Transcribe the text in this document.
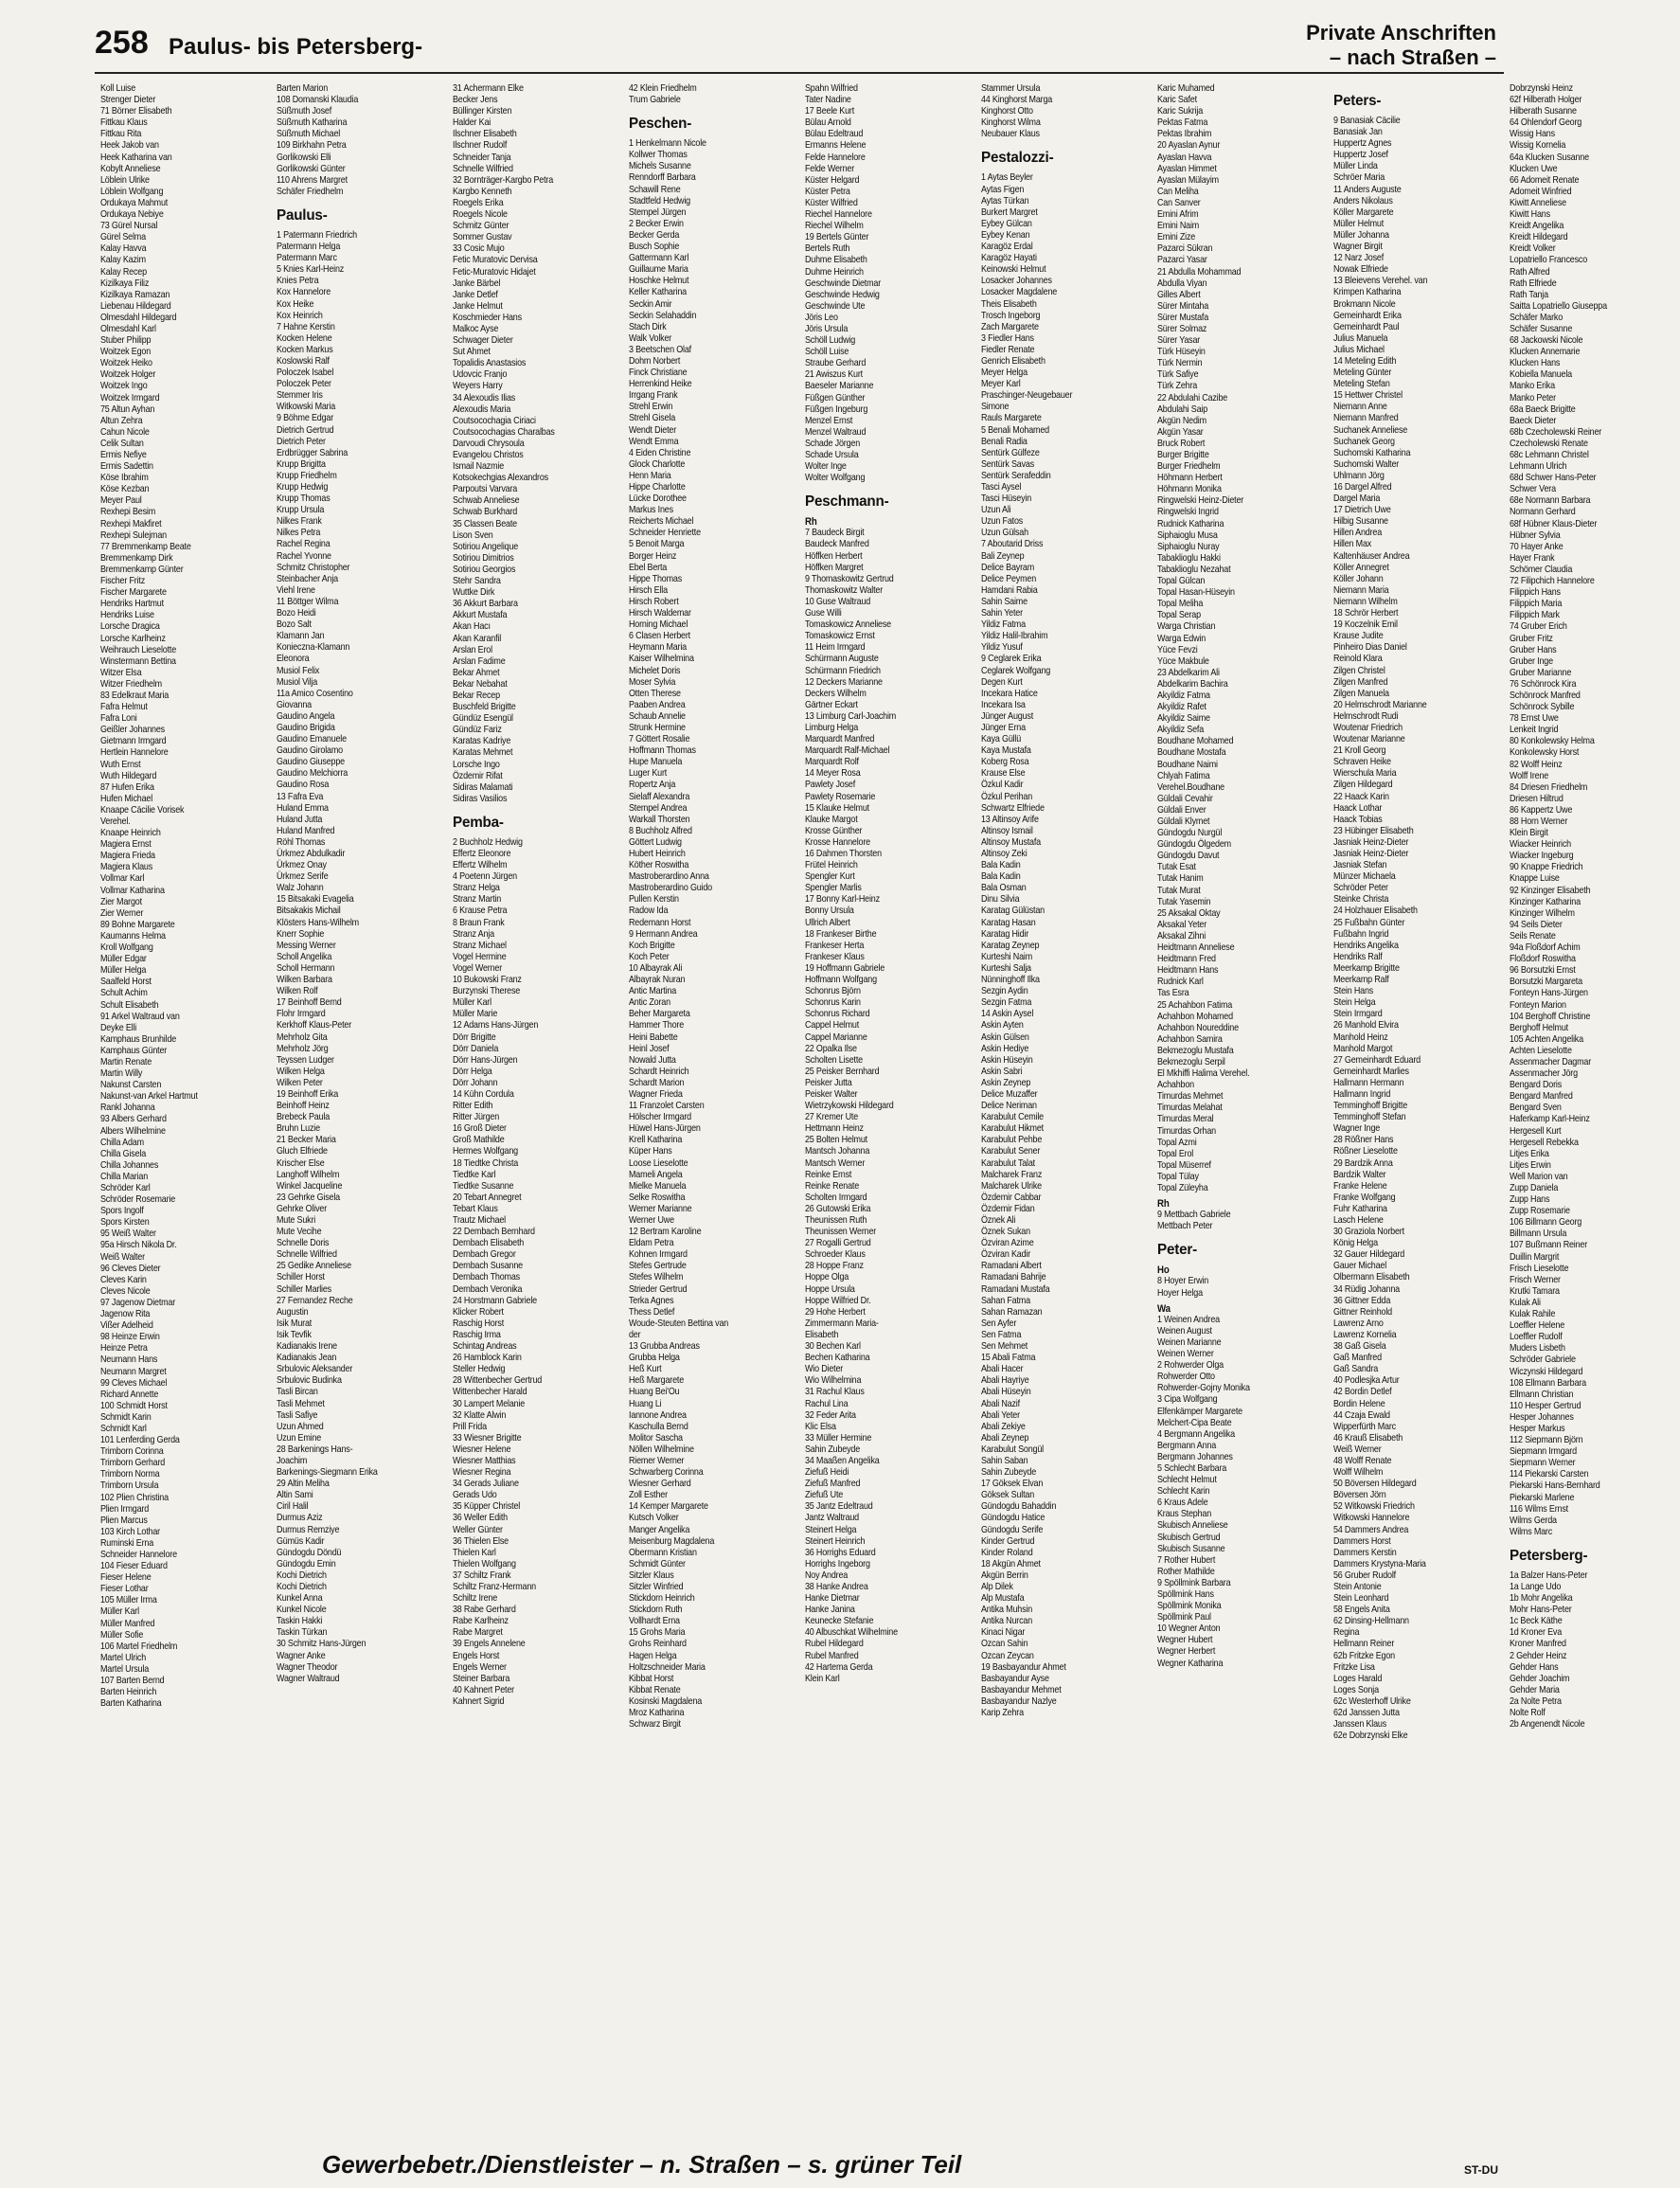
258 Paulus- bis Petersberg-
Private Anschriften
– nach Straßen –
Koll Luise
Strenger Dieter
71 Börner Elisabeth
Fittkau Klaus
Fittkau Rita
Heek Jakob van
Heek Katharina van
Kobylt Anneliese
Löblein Ulrike
Löblein Wolfgang
Ordukaya Mahmut
Ordukaya Nebiye
73 Gürel Nursal
Gürel Selma
Kalay Havva
Kalay Kazim
Kalay Recep
Kizilkaya Filiz
Kizilkaya Ramazan
Liebenau Hildegard
Olmesdahl Hildegard
Olmesdahl Karl
Stuber Philipp
Woitzek Egon
Woitzek Heiko
Woitzek Holger
Woitzek Ingo
Woitzek Irmgard
75 Altun Ayhan
Altun Zehra
Cahun Nicole
Celik Sultan
Ermis Nefiye
Ermis Sadettin
Köse Ibrahim
Köse Kezban
Meyer Paul
Rexhepi Besim
Rexhepi Makfiret
Rexhepi Sulejman
77 Bremmenkamp Beate
Bremmenkamp Dirk
Bremmenkamp Günter
Fischer Fritz
Fischer Margarete
Hendriks Hartmut
Hendriks Luise
Lorsche Dragica
Lorsche Karlheinz
Weihrauch Lieselotte
Winstermann Bettina
Witzer Elsa
Witzer Friedhelm
83 Edelkraut Maria
Fafra Helmut
Fafra Loni
Geißler Johannes
Gietmann Irmgard
Hertlein Hannelore
Wuth Ernst
Wuth Hildegard
87 Hufen Erika
Hufen Michael
Knaape Cäcilie Vorisek
Verehel.
Knaape Heinrich
Magiera Ernst
Magiera Frieda
Magiera Klaus
Vollmar Karl
Vollmar Katharina
Zier Margot
Zier Werner
89 Bohne Margarete
Kaumanns Helma
Kroll Wolfgang
Müller Edgar
Müller Helga
Saalfeld Horst
Schult Achim
Schult Elisabeth
91 Arkel Waltraud van
Deyke Elli
Kamphaus Brunhilde
Kamphaus Günter
Martin Renate
Martin Willy
Nakunst Carsten
Nakunst-van Arkel Hartmut
Rankl Johanna
93 Albers Gerhard
Albers Wilhelmine
Chilla Adam
Chilla Gisela
Chilla Johannes
Chilla Marian
Schröder Karl
Schröder Rosemarie
Spors Ingolf
Spors Kirsten
95 Weiß Walter
95a Hirsch Nikola Dr.
Weiß Walter
96 Cleves Dieter
Cleves Karin
Cleves Nicole
97 Jagenow Dietmar
Jagenow Rita
Vißer Adelheid
98 Heinze Erwin
Heinze Petra
Neumann Hans
Neumann Margret
99 Cleves Michael
Richard Annette
100 Schmidt Horst
Schmidt Karin
Schmidt Karl
101 Lenferding Gerda
Trimborn Corinna
Trimborn Gerhard
Trimborn Norma
Trimborn Ursula
102 Plien Christina
Plien Irmgard
Plien Marcus
103 Kirch Lothar
Ruminski Erna
Schneider Hannelore
104 Fieser Eduard
Fieser Helene
Fieser Lothar
105 Müller Irma
Müller Karl
Müller Manfred
Müller Sofie
106 Martel Friedhelm
Martel Ulrich
Martel Ursula
107 Barten Bernd
Barten Heinrich
Barten Katharina
Barten Marion
108 Domanski Klaudia
Süßmuth Josef
Süßmuth Katharina
Süßmuth Michael
109 Birkhahn Petra
Gorlikowski Elli
Gorlikowski Günter
110 Ahrens Margret
Schäfer Friedhelm
Paulus-
1 Patermann Friedrich
Patermann Helga
Patermann Marc
5 Knies Karl-Heinz
Knies Petra
Kox Hannelore
Kox Heike
Kox Heinrich
7 Hahne Kerstin
Kocken Helene
Kocken Markus
Koslowski Ralf
Poloczek Isabel
Poloczek Peter
Stemmer Iris
Witkowski Maria
9 Böhme Edgar
Dietrich Gertrud
Dietrich Peter
Erdbrügger Sabrina
Krupp Brigitta
Krupp Friedhelm
Krupp Hedwig
Krupp Thomas
Krupp Ursula
Nilkes Frank
Nilkes Petra
Rachel Regina
Rachel Yvonne
Schmitz Christopher
Steinbacher Anja
Viehl Irene
11 Böttger Wilma
Bozo Heidi
Bozo Salt
Klamann Jan
Konieczna-Klamann
Eleonora
Musiol Felix
Musiol Vilja
11a Amico Cosentino
Giovanna
Gaudino Angela
Gaudino Brigida
Gaudino Emanuele
Gaudino Girolamo
Gaudino Giuseppe
Gaudino Melchiorra
Gaudino Rosa
13 Fafra Eva
Huland Emma
Huland Jutta
Huland Manfred
Röhl Thomas
Ürkmez Abdulkadir
Ürkmez Onay
Ürkmez Serife
Walz Johann
15 Bitsakaki Evagelia
Bitsakakis Michail
Klösters Hans-Wilhelm
Knerr Sophie
Messing Werner
Scholl Angelika
Scholl Hermann
Wilken Barbara
Wilken Rolf
17 Beinhoff Bernd
Flohr Irmgard
Kerkhoff Klaus-Peter
Mehrholz Gita
Mehrholz Jörg
Teyssen Ludger
Wilken Helga
Wilken Peter
19 Beinhoff Erika
Beinhoff Heinz
Brebeck Paula
Bruhn Luzie
21 Becker Maria
Gluch Elfriede
Krischer Else
Langhoff Wilhelm
Winkel Jacqueline
23 Gehrke Gisela
Gehrke Oliver
Mute Sukri
Mute Vecihe
Schnelle Doris
Schnelle Wilfried
25 Gedike Anneliese
Schiller Horst
Schiller Marlies
27 Fernandez Reche
Augustin
Isik Murat
Isik Tevfik
Kadianakis Irene
Kadianakis Jean
Srbulovic Aleksander
Srbulovic Budinka
Tasli Bircan
Tasli Mehmet
Tasli Safiye
Uzun Ahmed
Uzun Emine
28 Barkenings Hans-
Joachim
Barkenings-Siegmann Erika
29 Altin Meliha
Altin Sami
Ciril Halil
Durmus Aziz
Durmus Remziye
Gümüs Kadir
Gündogdu Döndü
Gündogdu Emin
Kochi Dietrich
Kochi Dietrich
Kunkel Anna
Kunkel Nicole
Taskin Hakki
Taskin Türkan
30 Schmitz Hans-Jürgen
Wagner Anke
Wagner Theodor
Wagner Waltraud
31 Achermann Elke
Becker Jens
Büllinger Kirsten
Halder Kai
Ilschner Elisabeth
Ilschner Rudolf
Schneider Tanja
Schnelle Wilfried
32 Bornträger-Kargbo Petra
Kargbo Kenneth
Roegels Erika
Roegels Nicole
Schmitz Günter
Sommer Gustav
33 Cosic Mujo
Fetic Muratovic Dervisa
Fetic-Muratovic Hidajet
Janke Bärbel
Janke Detlef
Janke Helmut
Koschmieder Hans
Malkoc Ayse
Schwager Dieter
Sut Ahmet
Topalidis Anastasios
Udovcic Franjo
Weyers Harry
34 Alexoudis Ilias
Alexoudis Maria
Coutsocochagia Ciriaci
Coutsocochagias Charalbas
Darvoudi Chrysoula
Evangelou Christos
Ismail Nazmie
Kotsokechgias Alexandros
Parpoutsi Varvara
Schwab Anneliese
Schwab Burkhard
35 Classen Beate
Lison Sven
Sotiriou Angelique
Sotiriou Dimitrios
Sotiriou Georgios
Stehr Sandra
Wuttke Dirk
36 Akkurt Barbara
Akkurt Mustafa
Akan Hacı
Akan Karanfil
Arslan Erol
Arslan Fadime
Bekar Ahmet
Bekar Nebahat
Bekar Recep
Buschfeld Brigitte
Gündüz Esengül
Gündüz Fariz
Karatas Kadriye
Karatas Mehmet
Lorsche Ingo
Özdemir Rifat
Sidiras Malamati
Sidiras Vasilios
Pemba-
2 Buchholz Hedwig
Effertz Eleonore
Effertz Wilhelm
4 Poetenn Jürgen
Stranz Helga
Stranz Martin
6 Krause Petra
8 Braun Frank
Stranz Anja
Stranz Michael
Vogel Hermine
Vogel Werner
10 Bukowski Franz
Burzynski Therese
Müller Karl
Müller Marie
12 Adams Hans-Jürgen
Dörr Brigitte
Dörr Daniela
Dörr Hans-Jürgen
Dörr Helga
Dörr Johann
14 Kühn Cordula
Ritter Edith
Ritter Jürgen
16 Groß Dieter
Groß Mathilde
Hermes Wolfgang
18 Tiedtke Christa
Tiedtke Karl
Tiedtke Susanne
20 Tebart Annegret
Tebart Klaus
Trautz Michael
22 Dembach Bernhard
Dernbach Elisabeth
Dernbach Gregor
Dernbach Susanne
Dernbach Thomas
Dernbach Veronika
24 Horstmann Gabriele
Klicker Robert
Raschig Horst
Raschig Irma
Schintag Andreas
26 Hamblock Karin
Steller Hedwig
28 Wittenbecher Gertrud
Wittenbecher Harald
30 Lampert Melanie
32 Klatte Alwin
Prill Frida
33 Wiesner Brigitte
Wiesner Helene
Wiesner Matthias
Wiesner Regina
34 Gerads Juliane
Gerads Udo
35 Küpper Christel
36 Weller Edith
Weller Günter
36 Thielen Else
Thielen Karl
Thielen Wolfgang
37 Schiltz Frank
Schiltz Franz-Hermann
Schiltz Irene
38 Rabe Gerhard
Rabe Karlheinz
Rabe Margret
39 Engels Annelene
Engels Horst
Engels Werner
Steiner Barbara
40 Kahnert Peter
Kahnert Sigrid
42 Klein Friedhelm
Trum Gabriele
Peschen-
1 Henkelmann Nicole
Kollwer Thomas
Michels Susanne
Renndorff Barbara
Schawill Rene
Stadtfeld Hedwig
Stempel Jürgen
2 Becker Erwin
Becker Gerda
Busch Sophie
Gattermann Karl
Guillaume Maria
Hoschke Helmut
Keller Katharina
Seckin Amir
Seckin Selahaddin
Stach Dirk
Walk Volker
3 Beetschen Olaf
Dohm Norbert
Finck Christiane
Herrenkind Heike
Irrgang Frank
Strehl Erwin
Strehl Gisela
Wendt Dieter
Wendt Emma
4 Eiden Christine
Glock Charlotte
Henn Maria
Hippe Charlotte
Lücke Dorothee
Markus Ines
Reicherts Michael
Schneider Henriette
5 Benoit Marga
Borger Heinz
Ebel Berta
Hippe Thomas
Hirsch Ella
Hirsch Robert
Hirsch Waldemar
Horning Michael
6 Clasen Herbert
Heymann Maria
Kaiser Wilhelmina
Michelet Doris
Moser Sylvia
Otten Therese
Paaben Andrea
Schaub Annelie
Strunk Hermine
7 Göttert Rosalie
Hoffmann Thomas
Hupe Manuela
Luger Kurt
Ropertz Anja
Sielaff Alexandra
Stempel Andrea
Warkall Thorsten
8 Buchholz Alfred
Göttert Ludwig
Hubert Heinrich
Köther Roswitha
Mastroberardino Anna
Mastroberardino Guido
Pullen Kerstin
Radow Ida
Redemann Horst
9 Hermann Andrea
Koch Brigitte
Koch Peter
10 Albayrak Ali
Albayrak Nuran
Antic Martina
Antic Zoran
Beher Margareta
Hammer Thore
Heini Babette
Heinl Josef
Nowald Jutta
Schardt Heinrich
Schardt Marion
Wagner Frieda
11 Franzolet Carsten
Hölscher Irmgard
Hüwel Hans-Jürgen
Krell Katharina
Küper Hans
Loose Lieselotte
Mameli Angela
Mielke Manuela
Selke Roswitha
Werner Marianne
Werner Uwe
12 Bertram Karoline
Eldam Petra
Kohnen Irmgard
Stefes Gertrude
Stefes Wilhelm
Strieder Gertrud
Terka Agnes
Thess Detlef
Woude-Steuten Bettina van
der
13 Grubba Andreas
Grubba Helga
Heß Kurt
Heß Margarete
Huang Bei'Ou
Huang Li
Iannone Andrea
Kaschulla Bernd
Molitor Sascha
Nöllen Wilhelmine
Riemer Werner
Schwarberg Corinna
Wiesner Gerhard
Zoll Esther
14 Kemper Margarete
Kutsch Volker
Manger Angelika
Meisenburg Magdalena
Obermann Kristian
Schmidt Günter
Sitzler Klaus
Sitzler Winfried
Stickdorn Heinrich
Stickdorn Ruth
Vollhardt Erna
15 Grohs Maria
Grohs Reinhard
Hagen Helga
Holtzschneider Maria
Kibbat Horst
Kibbat Renate
Kosinski Magdalena
Mroz Katharina
Schwarz Birgit
Spahn Wilfried
Tater Nadine
17 Beele Kurt
Bülau Arnold
Bülau Edeltraud
Ermanns Helene
Felde Hannelore
Felde Werner
Küster Helgard
Küster Petra
Küster Wilfried
Riechel Hannelore
Riechel Wilhelm
19 Bertels Günter
Bertels Ruth
Duhme Elisabeth
Duhme Heinrich
Geschwinde Dietmar
Geschwinde Hedwig
Geschwinde Ute
Jöris Leo
Jöris Ursula
Schöll Ludwig
Schöll Luise
Straube Gerhard
21 Awiszus Kurt
Baeseler Marianne
Füßgen Günther
Füßgen Ingeburg
Menzel Ernst
Menzel Waltraud
Schade Jörgen
Schade Ursula
Wolter Inge
Wolter Wolfgang
Peschmann-
Rh
7 Baudeck Birgit
Baudeck Manfred
Höffken Herbert
Höffken Margret
9 Thomaskowitz Gertrud
Thomaskowitz Walter
10 Guse Waltraud
Guse Willi
Tomaskowicz Anneliese
Tomaskowicz Ernst
11 Heim Irmgard
Schürmann Auguste
Schürmann Friedrich
12 Deckers Marianne
Deckers Wilhelm
Gärtner Eckart
13 Limburg Carl-Joachim
Limburg Helga
Marquardt Manfred
Marquardt Ralf-Michael
Marquardt Rolf
14 Meyer Rosa
Pawlety Josef
Pawlety Rosemarie
15 Klauke Helmut
Klauke Margot
Krosse Günther
Krosse Hannelore
16 Dahmen Thorsten
Frütel Heinrich
Spengler Kurt
Spengler Marlis
17 Bonny Karl-Heinz
Bonny Ursula
Ullrich Albert
18 Frankeser Birthe
Frankeser Herta
Frankeser Klaus
19 Hoffmann Gabriele
Hoffmann Wolfgang
Schonrus Björn
Schonrus Karin
Schonrus Richard
Cappel Helmut
Cappel Marianne
22 Opalka Ilse
Scholten Lisette
25 Peisker Bernhard
Peisker Jutta
Peisker Walter
Wietrzykowski Hildegard
27 Kremer Ute
Hettmann Heinz
25 Bolten Helmut
Mantsch Johanna
Mantsch Werner
Reinke Ernst
Reinke Renate
Scholten Irmgard
26 Gutowski Erika
Theunissen Ruth
Theunissen Werner
27 Rogalli Gertrud
Schroeder Klaus
28 Hoppe Franz
Hoppe Olga
Hoppe Ursula
Hoppe Wilfried Dr.
29 Hohe Herbert
Zimmermann Maria-
Elisabeth
30 Bechen Karl
Bechen Katharina
Wio Dieter
Wio Wilhelmina
31 Rachul Klaus
Rachul Lina
32 Feder Arita
Klic Elsa
33 Müller Hermine
Sahin Zubeyde
34 Maaßen Angelika
Ziefuß Heidi
Ziefuß Manfred
Ziefuß Ute
35 Jantz Edeltraud
Jantz Waltraud
Steinert Helga
Steinert Heinrich
36 Horrighs Eduard
Horrighs Ingeborg
Noy Andrea
38 Hanke Andrea
Hanke Dietmar
Hanke Janina
Keunecke Stefanie
40 Albuschkat Wilhelmine
Rubel Hildegard
Rubel Manfred
42 Hartema Gerda
Klein Karl
Stammer Ursula
44 Kinghorst Marga
Kinghorst Otto
Kinghorst Wilma
Neubauer Klaus
Pestalozzi-
1 Aytas Beyler
Aytas Figen
Aytas Türkan
Burkert Margret
Eybey Gülcan
Eybey Kenan
Karagöz Erdal
Karagöz Hayati
Keinowski Helmut
Losacker Johannes
Losacker Magdalene
Theis Elisabeth
Trosch Ingeborg
Zach Margarete
3 Fiedler Hans
Fiedler Renate
Genrich Elisabeth
Meyer Helga
Meyer Karl
Praschinger-Neugebauer
Simone
Rauls Margarete
5 Benali Mohamed
Benali Radia
Sentürk Gülfeze
Sentürk Savas
Sentürk Serafeddin
Tasci Aysel
Tasci Hüseyin
Uzun Ali
Uzun Fatos
Uzun Gülsah
7 Aboutarid Driss
Bali Zeynep
Delice Bayram
Delice Peymen
Hamdani Rabia
Sahin Saime
Sahin Yeter
Yildiz Fatma
Yildiz Halil-Ibrahim
Yildiz Yusuf
9 Ceglarek Erika
Ceglarek Wolfgang
Degen Kurt
Incekara Hatice
Incekara Isa
Jünger August
Jünger Erna
Kaya Güllü
Kaya Mustafa
Koberg Rosa
Krause Else
Özkul Kadir
Özkul Perihan
Schwartz Elfriede
13 Altinsoy Arife
Altinsoy Ismail
Altinsoy Mustafa
Altinsoy Zeki
Bala Kadin
Bala Kadin
Bala Osman
Dinu Silvia
Karatag Gülüstan
Karatag Hasan
Karatag Hidir
Karatag Zeynep
Kurteshi Naim
Kurteshi Salja
Nünninghoff Ilka
Sezgin Aydin
Sezgin Fatma
14 Askin Aysel
Askin Ayten
Askin Gülsen
Askin Hediye
Askin Hüseyin
Askin Sabri
Askin Zeynep
Delice Muzaffer
Delice Neriman
Karabulut Cemile
Karabulut Hikmet
Karabulut Pehbe
Karabulut Sener
Karabulut Talat
Malcharek Franz
Malcharek Ulrike
Özdemir Cabbar
Özdemir Fidan
Öznek Ali
Öznek Sukan
Özviran Azime
Özviran Kadir
Ramadani Albert
Ramadani Bahrije
Ramadani Mustafa
Sahan Fatma
Sahan Ramazan
Sen Ayfer
Sen Fatma
Sen Mehmet
15 Abali Fatma
Abali Hacer
Abali Hayriye
Abali Hüseyin
Abali Nazif
Abali Yeter
Abali Zekiye
Abali Zeynep
Karabulut Songül
Sahin Saban
Sahin Zubeyde
17 Göksek Elvan
Göksek Sultan
Gündogdu Bahaddin
Gündogdu Hatice
Gündogdu Serife
Kinder Gertrud
Kinder Roland
18 Akgün Ahmet
Akgün Berrin
Alp Dilek
Alp Mustafa
Antika Muhsin
Antika Nurcan
Kinaci Nigar
Ozcan Sahin
Ozcan Zeycan
19 Basbayandur Ahmet
Basbayandur Ayse
Basbayandur Mehmet
Basbayandur Nazlye
Karip Zehra
Karic Muhamed
Karic Safet
Karic Sukrija
Pektas Fatma
Pektas Ibrahim
20 Ayaslan Aynur
Ayaslan Havva
Ayaslan Himmet
Ayaslan Mülayim
Can Meliha
Can Sanver
Emini Afrim
Emini Naim
Emini Zize
Pazarci Sükran
Pazarci Yasar
21 Abdulla Mohammad
Abdulla Viyan
Gilles Albert
Sürer Mintaha
Sürer Mustafa
Sürer Solmaz
Sürer Yasar
Türk Hüseyin
Türk Nermin
Türk Safiye
Türk Zehra
22 Abdulahi Cazibe
Abdulahi Saip
Akgün Nedim
Akgün Yasar
Bruck Robert
Burger Brigitte
Burger Friedhelm
Höhmann Herbert
Höhmann Monika
Ringwelski Heinz-Dieter
Ringwelski Ingrid
Rudnick Katharina
Siphaioglu Musa
Siphaioglu Nuray
Tabaklioglu Hakki
Tabaklioglu Nezahat
Topal Gülcan
Topal Hasan-Hüseyin
Topal Meliha
Topal Serap
Warga Christian
Warga Edwin
Yüce Fevzi
Yüce Makbule
23 Abdelkarim Ali
Abdelkarim Bachira
Akyildiz Fatma
Akyildiz Rafet
Akyildiz Saime
Akyildiz Sefa
Boudhane Mohamed
Boudhane Mostafa
Boudhane Naimi
Chlyah Fatima
Verehel.Boudhane
Güldali Cevahir
Güldali Enver
Güldali Klymet
Gündogdu Nurgül
Gündogdu Ölgedem
Gündogdu Davut
Tutak Esat
Tutak Hanim
Tutak Murat
Tutak Yasemin
25 Aksakal Oktay
Aksakal Yeter
Aksakal Zihni
Heidtmann Anneliese
Heidtmann Fred
Heidtmann Hans
Rudnick Karl
Tas Esra
25 Achahbon Fatima
Achahbon Mohamed
Achahbon Noureddine
Achahbon Samira
Bekmezoglu Mustafa
Bekmezoglu Serpil
El Mkhiffi Halima Verehel.
Achahbon
Timurdas Mehmet
Timurdas Melahat
Timurdas Meral
Timurdas Orhan
Topal Azmi
Topal Erol
Topal Müserref
Topal Tülay
Topal Züleyha
Rh
9 Mettbach Gabriele
Mettbach Peter
Peter-
Ho
8 Hoyer Erwin
Hoyer Helga
Wa
1 Weinen Andrea
Weinen August
Weinen Marianne
Weinen Werner
2 Rohwerder Olga
Rohwerder Otto
Rohwerder-Gojny Monika
3 Cipa Wolfgang
Elfenkämper Margarete
Melchert-Cipa Beate
4 Bergmann Angelika
Bergmann Anna
Bergmann Johannes
5 Schlecht Barbara
Schlecht Helmut
Schlecht Karin
6 Kraus Adele
Kraus Stephan
Skubisch Anneliese
Skubisch Gertrud
Skubisch Susanne
7 Rother Hubert
Rother Mathilde
9 Spöllmink Barbara
Spöllmink Hans
Spöllmink Monika
Spöllmink Paul
10 Wegner Anton
Wegner Hubert
Wegner Herbert
Wegner Katharina
Peters-
9 Banasiak Cäcilie
Banasiak Jan
Huppertz Agnes
Huppertz Josef
Müller Linda
Schröer Maria
11 Anders Auguste
Anders Nikolaus
Köller Margarete
Müller Helmut
Müller Johanna
Wagner Birgit
12 Narz Josef
Nowak Elfriede
13 Bleievens Verehel. van
Krimpen Katharina
Brokmann Nicole
Gemeinhardt Erika
Gemeinhardt Paul
Julius Manuela
Julius Michael
14 Meteling Edith
Meteling Günter
Meteling Stefan
15 Hettwer Christel
Niemann Anne
Niemann Manfred
Suchanek Anneliese
Suchanek Georg
Suchomski Katharina
Suchomski Walter
Uhlmann Jörg
16 Dargel Alfred
Dargel Maria
17 Dietrich Uwe
Hilbig Susanne
Hillen Andrea
Hillen Max
Kaltenhäuser Andrea
Köller Annegret
Köller Johann
Niemann Maria
Niemann Wilhelm
18 Schrör Herbert
19 Koczelnik Emil
Krause Judite
Pinheiro Dias Daniel
Reinold Klara
Zilgen Christel
Zilgen Manfred
Zilgen Manuela
20 Helmschrodt Marianne
Helmschrodt Rudi
Woutenar Friedrich
Woutenar Marianne
21 Kroll Georg
Schraven Heike
Wierschula Maria
Zilgen Hildegard
22 Haack Karin
Haack Lothar
Haack Tobias
23 Hübinger Elisabeth
Jasniak Heinz-Dieter
Jasniak Heinz-Dieter
Jasniak Stefan
Münzer Michaela
Schröder Peter
Steinke Christa
24 Holzhauer Elisabeth
25 Fußbahn Günter
Fußbahn Ingrid
Hendriks Angelika
Hendriks Ralf
Meerkamp Brigitte
Meerkamp Ralf
Stein Hans
Stein Helga
Stein Irmgard
26 Manhold Elvira
Manhold Heinz
Manhold Margot
27 Gemeinhardt Eduard
Gemeinhardt Marlies
Hallmann Hermann
Hallmann Ingrid
Temminghoff Brigitte
Temminghoff Stefan
Wagner Inge
28 Rößner Hans
Rößner Lieselotte
29 Bardzik Anna
Bardzik Walter
Franke Helene
Franke Wolfgang
Fuhr Katharina
Lasch Helene
30 Graziola Norbert
König Helga
32 Gauer Hildegard
Gauer Michael
Olbermann Elisabeth
34 Rüdig Johanna
36 Gittner Edda
Gittner Reinhold
Lawrenz Arno
Lawrenz Kornelia
38 Gaß Gisela
Gaß Manfred
Gaß Sandra
40 Podlesjka Artur
42 Bordin Detlef
Bordin Helene
44 Czaja Ewald
Wipperfürth Marc
46 Krauß Elisabeth
Weiß Werner
48 Wolff Renate
Wolff Wilhelm
50 Böversen Hildegard
Böversen Jörn
52 Witkowski Friedrich
Witkowski Hannelore
54 Dammers Andrea
Dammers Horst
Dammers Kerstin
Dammers Krystyna-Maria
56 Gruber Rudolf
Stein Antonie
Stein Leonhard
58 Engels Anita
62 Dinsing-Hellmann
Regina
Hellmann Reiner
62b Fritzke Egon
Fritzke Lisa
Loges Harald
Loges Sonja
62c Westerhoff Ulrike
62d Janssen Jutta
Janssen Klaus
62e Dobrzynski Elke
Dobrzynski Heinz
62f Hilberath Holger
Hilberath Susanne
64 Ohlendorf Georg
Wissig Hans
Wissig Kornelia
64a Klucken Susanne
Klucken Uwe
66 Adomeit Renate
Adomeit Winfried
Kiwitt Anneliese
Kiwitt Hans
Kreidt Angelika
Kreidt Hildegard
Kreidt Volker
Lopatriello Francesco
Rath Alfred
Rath Elfriede
Rath Tanja
Saitta Lopatriello Giuseppa
Schäfer Marko
Schäfer Susanne
68 Jackowski Nicole
Klucken Annemarie
Klucken Hans
Kobiella Manuela
Manko Erika
Manko Peter
68a Baeck Brigitte
Baeck Dieter
68b Czecholewski Reiner
Czecholewski Renate
68c Lehmann Christel
Lehmann Ulrich
68d Schwer Hans-Peter
Schwer Vera
68e Normann Barbara
Normann Gerhard
68f Hübner Klaus-Dieter
Hübner Sylvia
70 Hayer Anke
Hayer Frank
Schömer Claudia
72 Filipchich Hannelore
Filippich Hans
Filippich Maria
Filippich Mark
74 Gruber Erich
Gruber Fritz
Gruber Hans
Gruber Inge
Gruber Marianne
76 Schönrock Kira
Schönrock Manfred
Schönrock Sybille
78 Ernst Uwe
Lenkeit Ingrid
80 Konkolewsky Helma
Konkolewsky Horst
82 Wolff Heinz
Wolff Irene
84 Driesen Friedhelm
Driesen Hiltrud
86 Kappertz Uwe
88 Horn Werner
Klein Birgit
Wiacker Heinrich
Wiacker Ingeburg
90 Knappe Friedrich
Knappe Luise
92 Kinzinger Elisabeth
Kinzinger Katharina
Kinzinger Wilhelm
94 Seils Dieter
Seils Renate
94a Floßdorf Achim
Floßdorf Roswitha
96 Borsutzki Ernst
Borsutzki Margareta
Fonteyn Hans-Jürgen
Fonteyn Marion
104 Berghoff Christine
Berghoff Helmut
105 Achten Angelika
Achten Lieselotte
Assenmacher Dagmar
Assenmacher Jörg
Bengard Doris
Bengard Manfred
Bengard Sven
Haferkamp Karl-Heinz
Hergesell Kurt
Hergesell Rebekka
Litjes Erika
Litjes Erwin
Well Marion van
Zupp Daniela
Zupp Hans
Zupp Rosemarie
106 Billmann Georg
Billmann Ursula
107 Bußmann Reiner
Duillin Margrit
Frisch Lieselotte
Frisch Werner
Krutki Tamara
Kulak Ali
Kulak Rahile
Loeffler Helene
Loeffler Rudolf
Muders Lisbeth
Schröder Gabriele
Wiczynski Hildegard
108 Ellmann Barbara
Ellmann Christian
110 Hesper Gertrud
Hesper Johannes
Hesper Markus
112 Siepmann Björn
Siepmann Irmgard
Siepmann Werner
114 Piekarski Carsten
Piekarski Hans-Bernhard
Piekarski Marlene
116 Wilms Ernst
Wilms Gerda
Wilms Marc
Petersberg-
1a Balzer Hans-Peter
1a Lange Udo
1b Mohr Angelika
Mohr Hans-Peter
1c Beck Käthe
1d Kroner Eva
Kroner Manfred
2 Gehder Heinz
Gehder Hans
Gehder Joachim
Gehder Maria
2a Nolte Petra
Nolte Rolf
2b Angenendt Nicole
Gewerbebetr./Dienstleister – n. Straßen – s. grüner Teil	ST-DU
